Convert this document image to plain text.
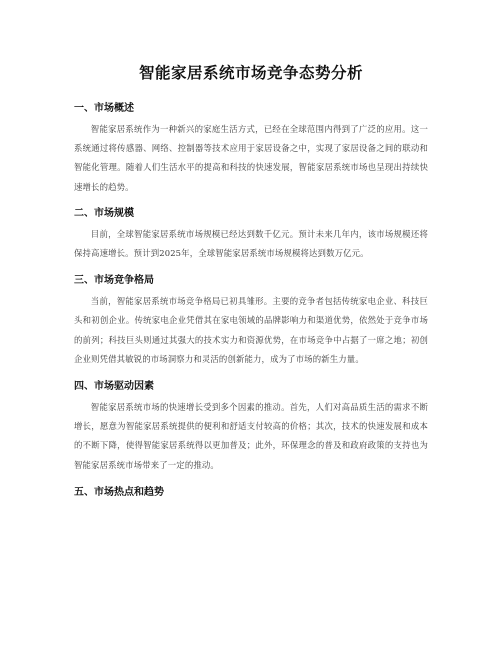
智能家居系统市场竞争态势分析
一、市场概述

智能家居系统作为一种新兴的家庭生活方式，已经在全球范围内得到了广泛的应用。这一系统通过将传感器、网络、控制器等技术应用于家居设备之中，实现了家居设备之间的联动和智能化管理。随着人们生活水平的提高和科技的快速发展，智能家居系统市场也呈现出持续快速增长的趋势。

二、市场规模

目前，全球智能家居系统市场规模已经达到数千亿元。预计未来几年内，该市场规模还将保持高速增长。预计到2025年，全球智能家居系统市场规模将达到数万亿元。

三、市场竞争格局

当前，智能家居系统市场竞争格局已初具雏形。主要的竞争者包括传统家电企业、科技巨头和初创企业。传统家电企业凭借其在家电领域的品牌影响力和渠道优势，依然处于竞争市场的前列；科技巨头则通过其强大的技术实力和资源优势，在市场竞争中占据了一席之地；初创企业则凭借其敏锐的市场洞察力和灵活的创新能力，成为了市场的新生力量。

四、市场驱动因素

智能家居系统市场的快速增长受到多个因素的推动。首先，人们对高品质生活的需求不断增长，愿意为智能家居系统提供的便利和舒适支付较高的价格；其次，技术的快速发展和成本的不断下降，使得智能家居系统得以更加普及；此外，环保理念的普及和政府政策的支持也为智能家居系统市场带来了一定的推动。

五、市场热点和趋势
